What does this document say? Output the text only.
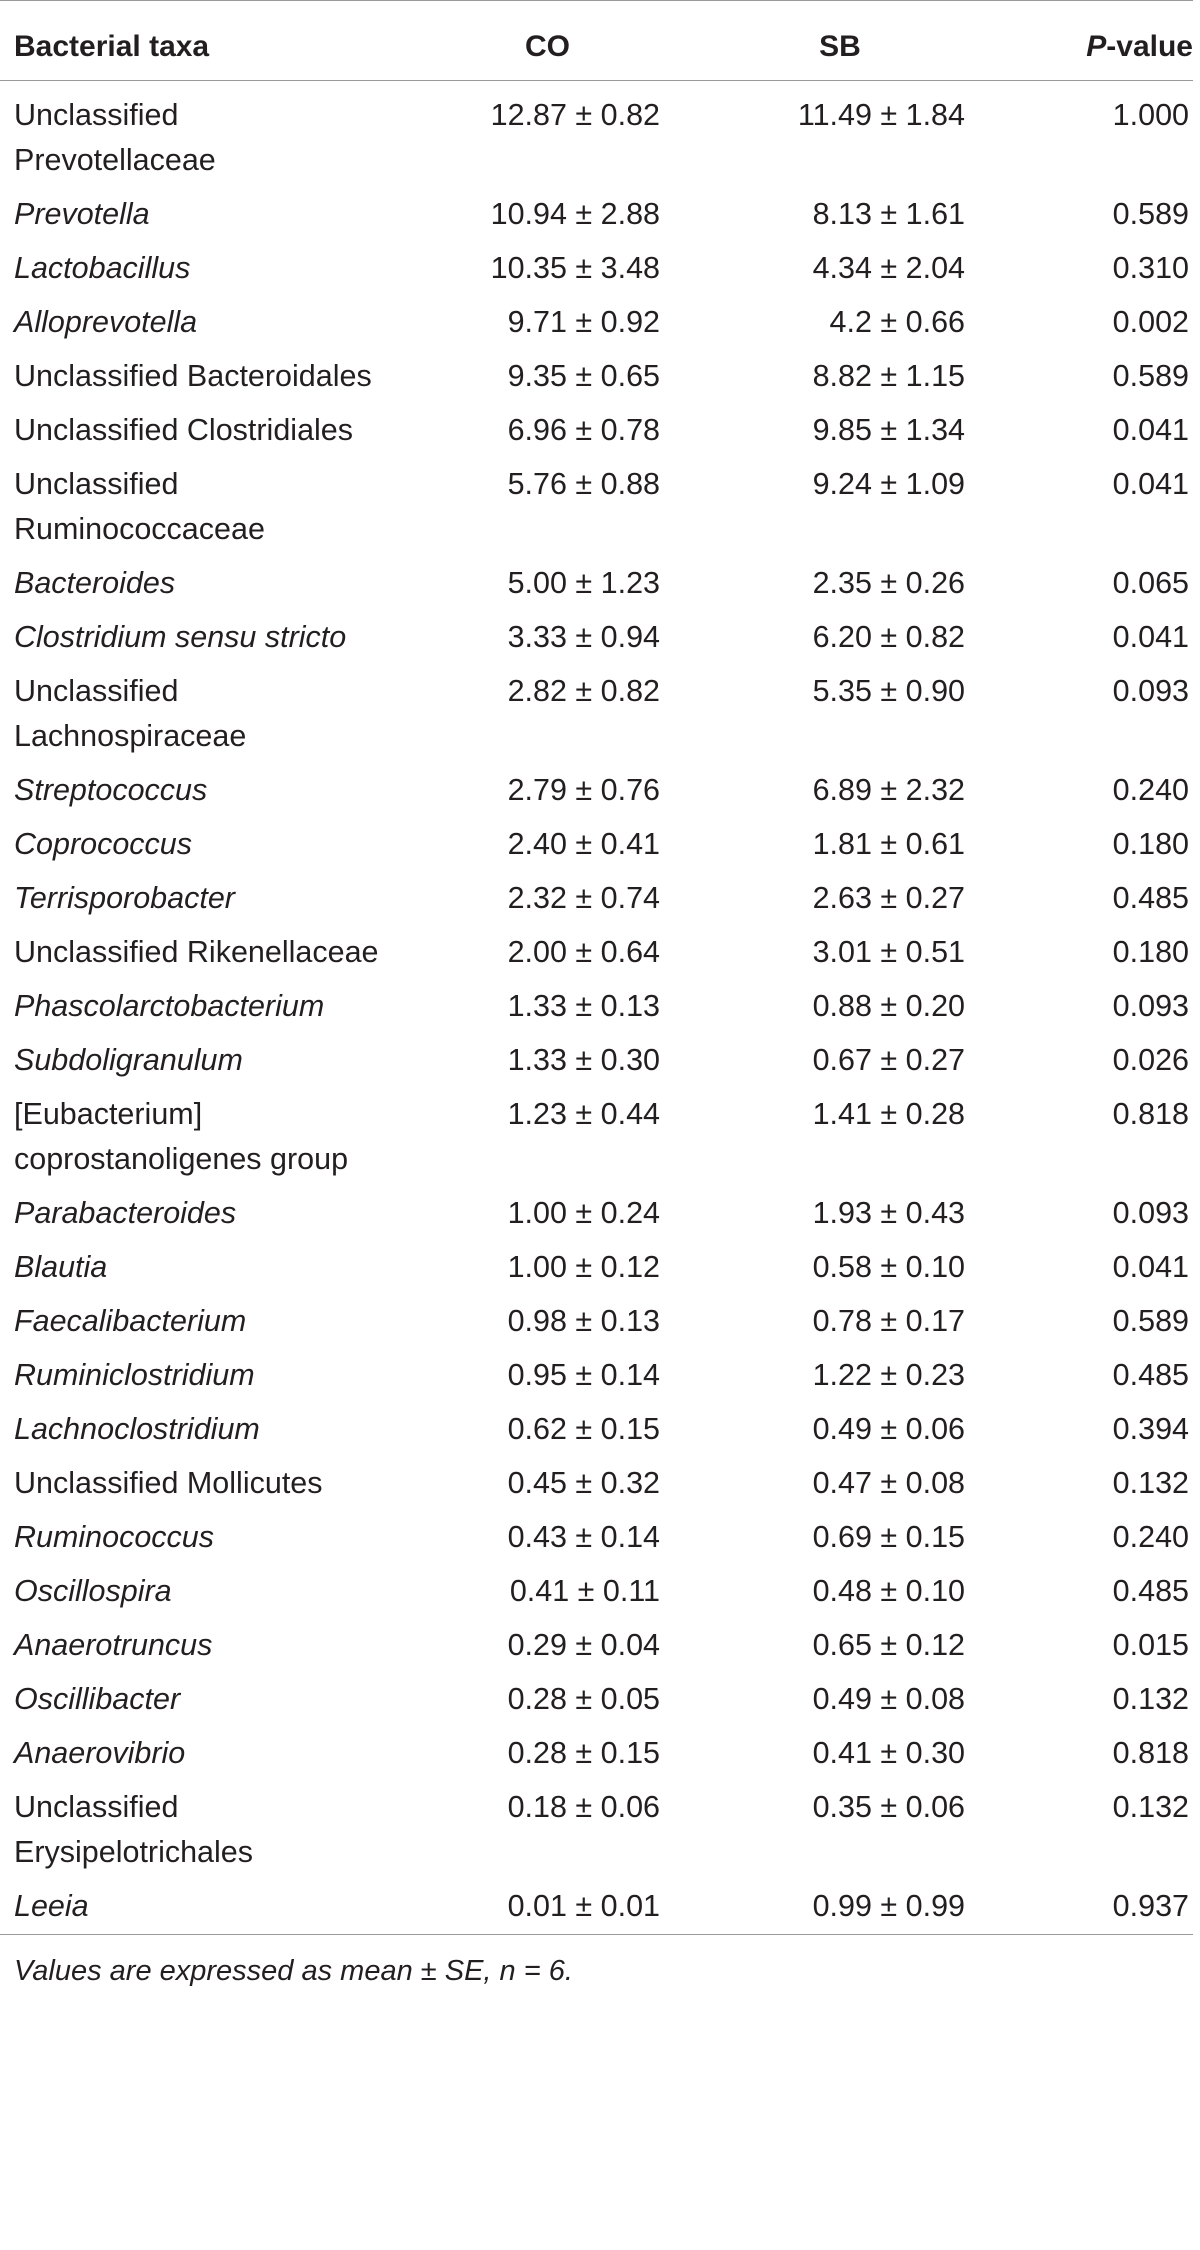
Bacterial taxa	CO	SB	P-value
Unclassified Prevotellaceae	12.87 ± 0.82	11.49 ± 1.84	1.000
Prevotella	10.94 ± 2.88	8.13 ± 1.61	0.589
Lactobacillus	10.35 ± 3.48	4.34 ± 2.04	0.310
Alloprevotella	9.71 ± 0.92	4.2 ± 0.66	0.002
Unclassified Bacteroidales	9.35 ± 0.65	8.82 ± 1.15	0.589
Unclassified Clostridiales	6.96 ± 0.78	9.85 ± 1.34	0.041
Unclassified Ruminococcaceae	5.76 ± 0.88	9.24 ± 1.09	0.041
Bacteroides	5.00 ± 1.23	2.35 ± 0.26	0.065
Clostridium sensu stricto	3.33 ± 0.94	6.20 ± 0.82	0.041
Unclassified Lachnospiraceae	2.82 ± 0.82	5.35 ± 0.90	0.093
Streptococcus	2.79 ± 0.76	6.89 ± 2.32	0.240
Coprococcus	2.40 ± 0.41	1.81 ± 0.61	0.180
Terrisporobacter	2.32 ± 0.74	2.63 ± 0.27	0.485
Unclassified Rikenellaceae	2.00 ± 0.64	3.01 ± 0.51	0.180
Phascolarctobacterium	1.33 ± 0.13	0.88 ± 0.20	0.093
Subdoligranulum	1.33 ± 0.30	0.67 ± 0.27	0.026
[Eubacterium] coprostanoligenes group	1.23 ± 0.44	1.41 ± 0.28	0.818
Parabacteroides	1.00 ± 0.24	1.93 ± 0.43	0.093
Blautia	1.00 ± 0.12	0.58 ± 0.10	0.041
Faecalibacterium	0.98 ± 0.13	0.78 ± 0.17	0.589
Ruminiclostridium	0.95 ± 0.14	1.22 ± 0.23	0.485
Lachnoclostridium	0.62 ± 0.15	0.49 ± 0.06	0.394
Unclassified Mollicutes	0.45 ± 0.32	0.47 ± 0.08	0.132
Ruminococcus	0.43 ± 0.14	0.69 ± 0.15	0.240
Oscillospira	0.41 ± 0.11	0.48 ± 0.10	0.485
Anaerotruncus	0.29 ± 0.04	0.65 ± 0.12	0.015
Oscillibacter	0.28 ± 0.05	0.49 ± 0.08	0.132
Anaerovibrio	0.28 ± 0.15	0.41 ± 0.30	0.818
Unclassified Erysipelotrichales	0.18 ± 0.06	0.35 ± 0.06	0.132
Leeia	0.01 ± 0.01	0.99 ± 0.99	0.937
Values are expressed as mean ± SE, n = 6.			
